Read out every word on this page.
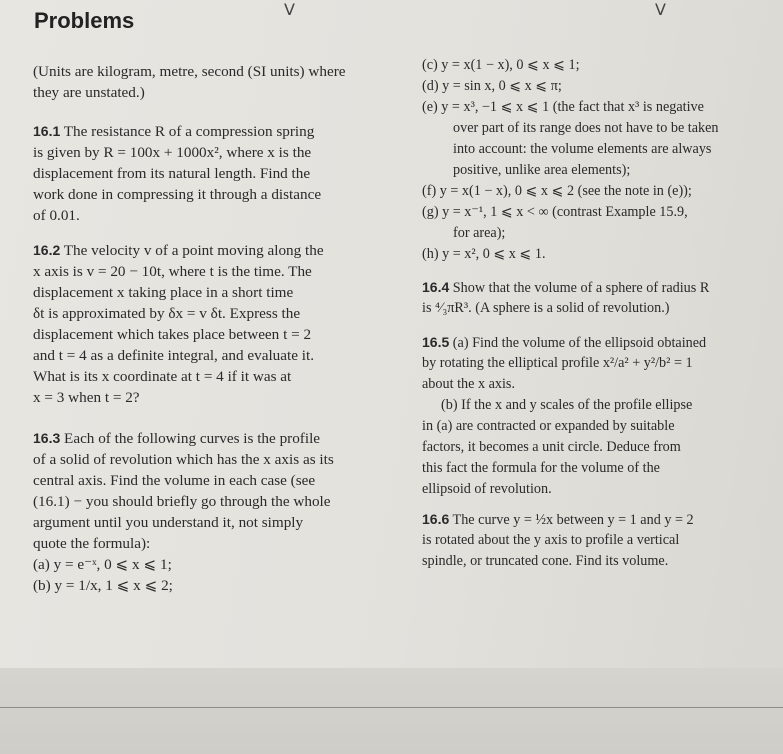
Problems	V	V
(Units are kilogram, metre, second (SI units) where
they are unstated.)
16.1 The resistance R of a compression spring
is given by R = 100x + 1000x², where x is the
displacement from its natural length. Find the
work done in compressing it through a distance
of 0.01.
16.2 The velocity v of a point moving along the
x axis is v = 20 − 10t, where t is the time. The
displacement x taking place in a short time
δt is approximated by δx = v δt. Express the
displacement which takes place between t = 2
and t = 4 as a definite integral, and evaluate it.
What is its x coordinate at t = 4 if it was at
x = 3 when t = 2?
16.3 Each of the following curves is the profile
of a solid of revolution which has the x axis as its
central axis. Find the volume in each case (see
(16.1) − you should briefly go through the whole
argument until you understand it, not simply
quote the formula):
(a) y = e⁻ˣ, 0 ⩽ x ⩽ 1;
(b) y = 1/x, 1 ⩽ x ⩽ 2;
(c) y = x(1 − x), 0 ⩽ x ⩽ 1;
(d) y = sin x, 0 ⩽ x ⩽ π;
(e) y = x³, −1 ⩽ x ⩽ 1 (the fact that x³ is negative
over part of its range does not have to be taken
into account: the volume elements are always
positive, unlike area elements);
(f) y = x(1 − x), 0 ⩽ x ⩽ 2 (see the note in (e));
(g) y = x⁻¹, 1 ⩽ x < ∞ (contrast Example 15.9,
for area);
(h) y = x², 0 ⩽ x ⩽ 1.
16.4 Show that the volume of a sphere of radius R
is ⁴⁄₃πR³. (A sphere is a solid of revolution.)
16.5 (a) Find the volume of the ellipsoid obtained
by rotating the elliptical profile x²/a² + y²/b² = 1
about the x axis.
(b) If the x and y scales of the profile ellipse
in (a) are contracted or expanded by suitable
factors, it becomes a unit circle. Deduce from
this fact the formula for the volume of the
ellipsoid of revolution.
16.6 The curve y = ½x between y = 1 and y = 2
is rotated about the y axis to profile a vertical
spindle, or truncated cone. Find its volume.
